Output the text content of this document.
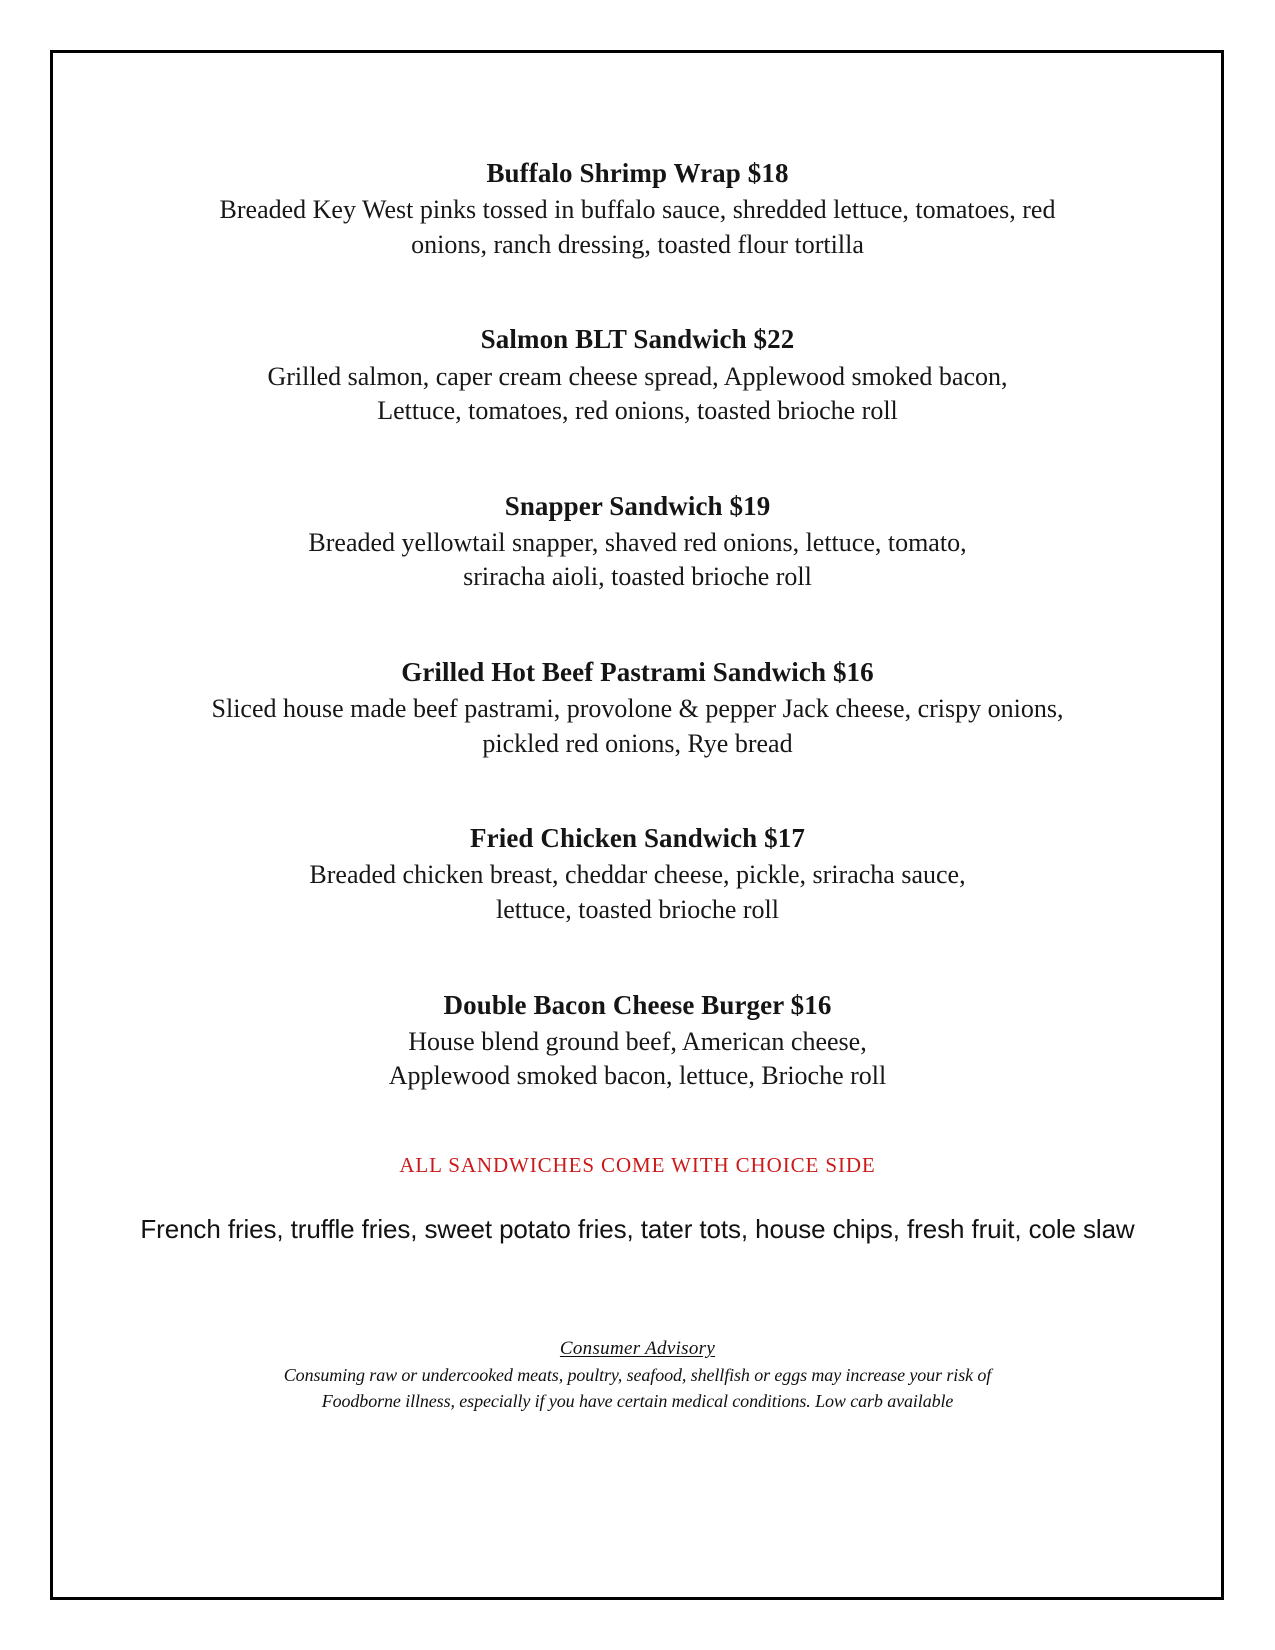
Buffalo Shrimp Wrap $18
Breaded Key West pinks tossed in buffalo sauce, shredded lettuce, tomatoes, red
onions, ranch dressing, toasted flour tortilla
Salmon BLT Sandwich $22
Grilled salmon, caper cream cheese spread, Applewood smoked bacon,
Lettuce, tomatoes, red onions, toasted brioche roll
Snapper Sandwich $19
Breaded yellowtail snapper, shaved red onions, lettuce, tomato,
sriracha aioli, toasted brioche roll
Grilled Hot Beef Pastrami Sandwich $16
Sliced house made beef pastrami, provolone & pepper Jack cheese, crispy onions,
pickled red onions, Rye bread
Fried Chicken Sandwich $17
Breaded chicken breast, cheddar cheese, pickle, sriracha sauce,
lettuce, toasted brioche roll
Double Bacon Cheese Burger $16
House blend ground beef, American cheese,
Applewood smoked bacon, lettuce, Brioche roll
ALL SANDWICHES COME WITH CHOICE SIDE
French fries, truffle fries, sweet potato fries, tater tots, house chips, fresh fruit, cole slaw
Consumer Advisory
Consuming raw or undercooked meats, poultry, seafood, shellfish or eggs may increase your risk of
Foodborne illness, especially if you have certain medical conditions. Low carb available
